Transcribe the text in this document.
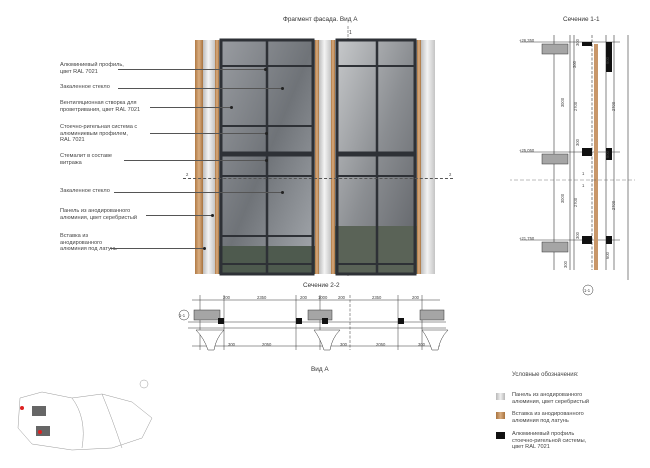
Фрагмент фасада. Вид А	Сечение 1-1
Сечение 2-2
Вид А
1
2	2
Алюминиевый профиль,
цвет RAL 7021
Закаленное стекло
Вентиляционная створка для
проветривания, цвет RAL 7021
Стоечно-ригельная система с
алюминиевым профилем,
RAL 7021
Стемалит в составе
витража
Закаленное стекло
Панель из анодированного
алюминия, цвет серебристый
Вставка из
анодированного
алюминия под латунь
+26,350
+25,050
+21,750
3000
3000
2700
2700
300
300
300
300
300
600
600
600
2700
2700
1
1
1-1
200	2350	200	1000	200	2350	200
300	2050	300	2050	300
1-1
Условные обозначения:
Панель из анодированного
алюминия, цвет серебристый
Вставка из анодированного
алюминия под латунь
Алюминиевый профиль
стоечно-ригельной системы,
цвет RAL 7021
